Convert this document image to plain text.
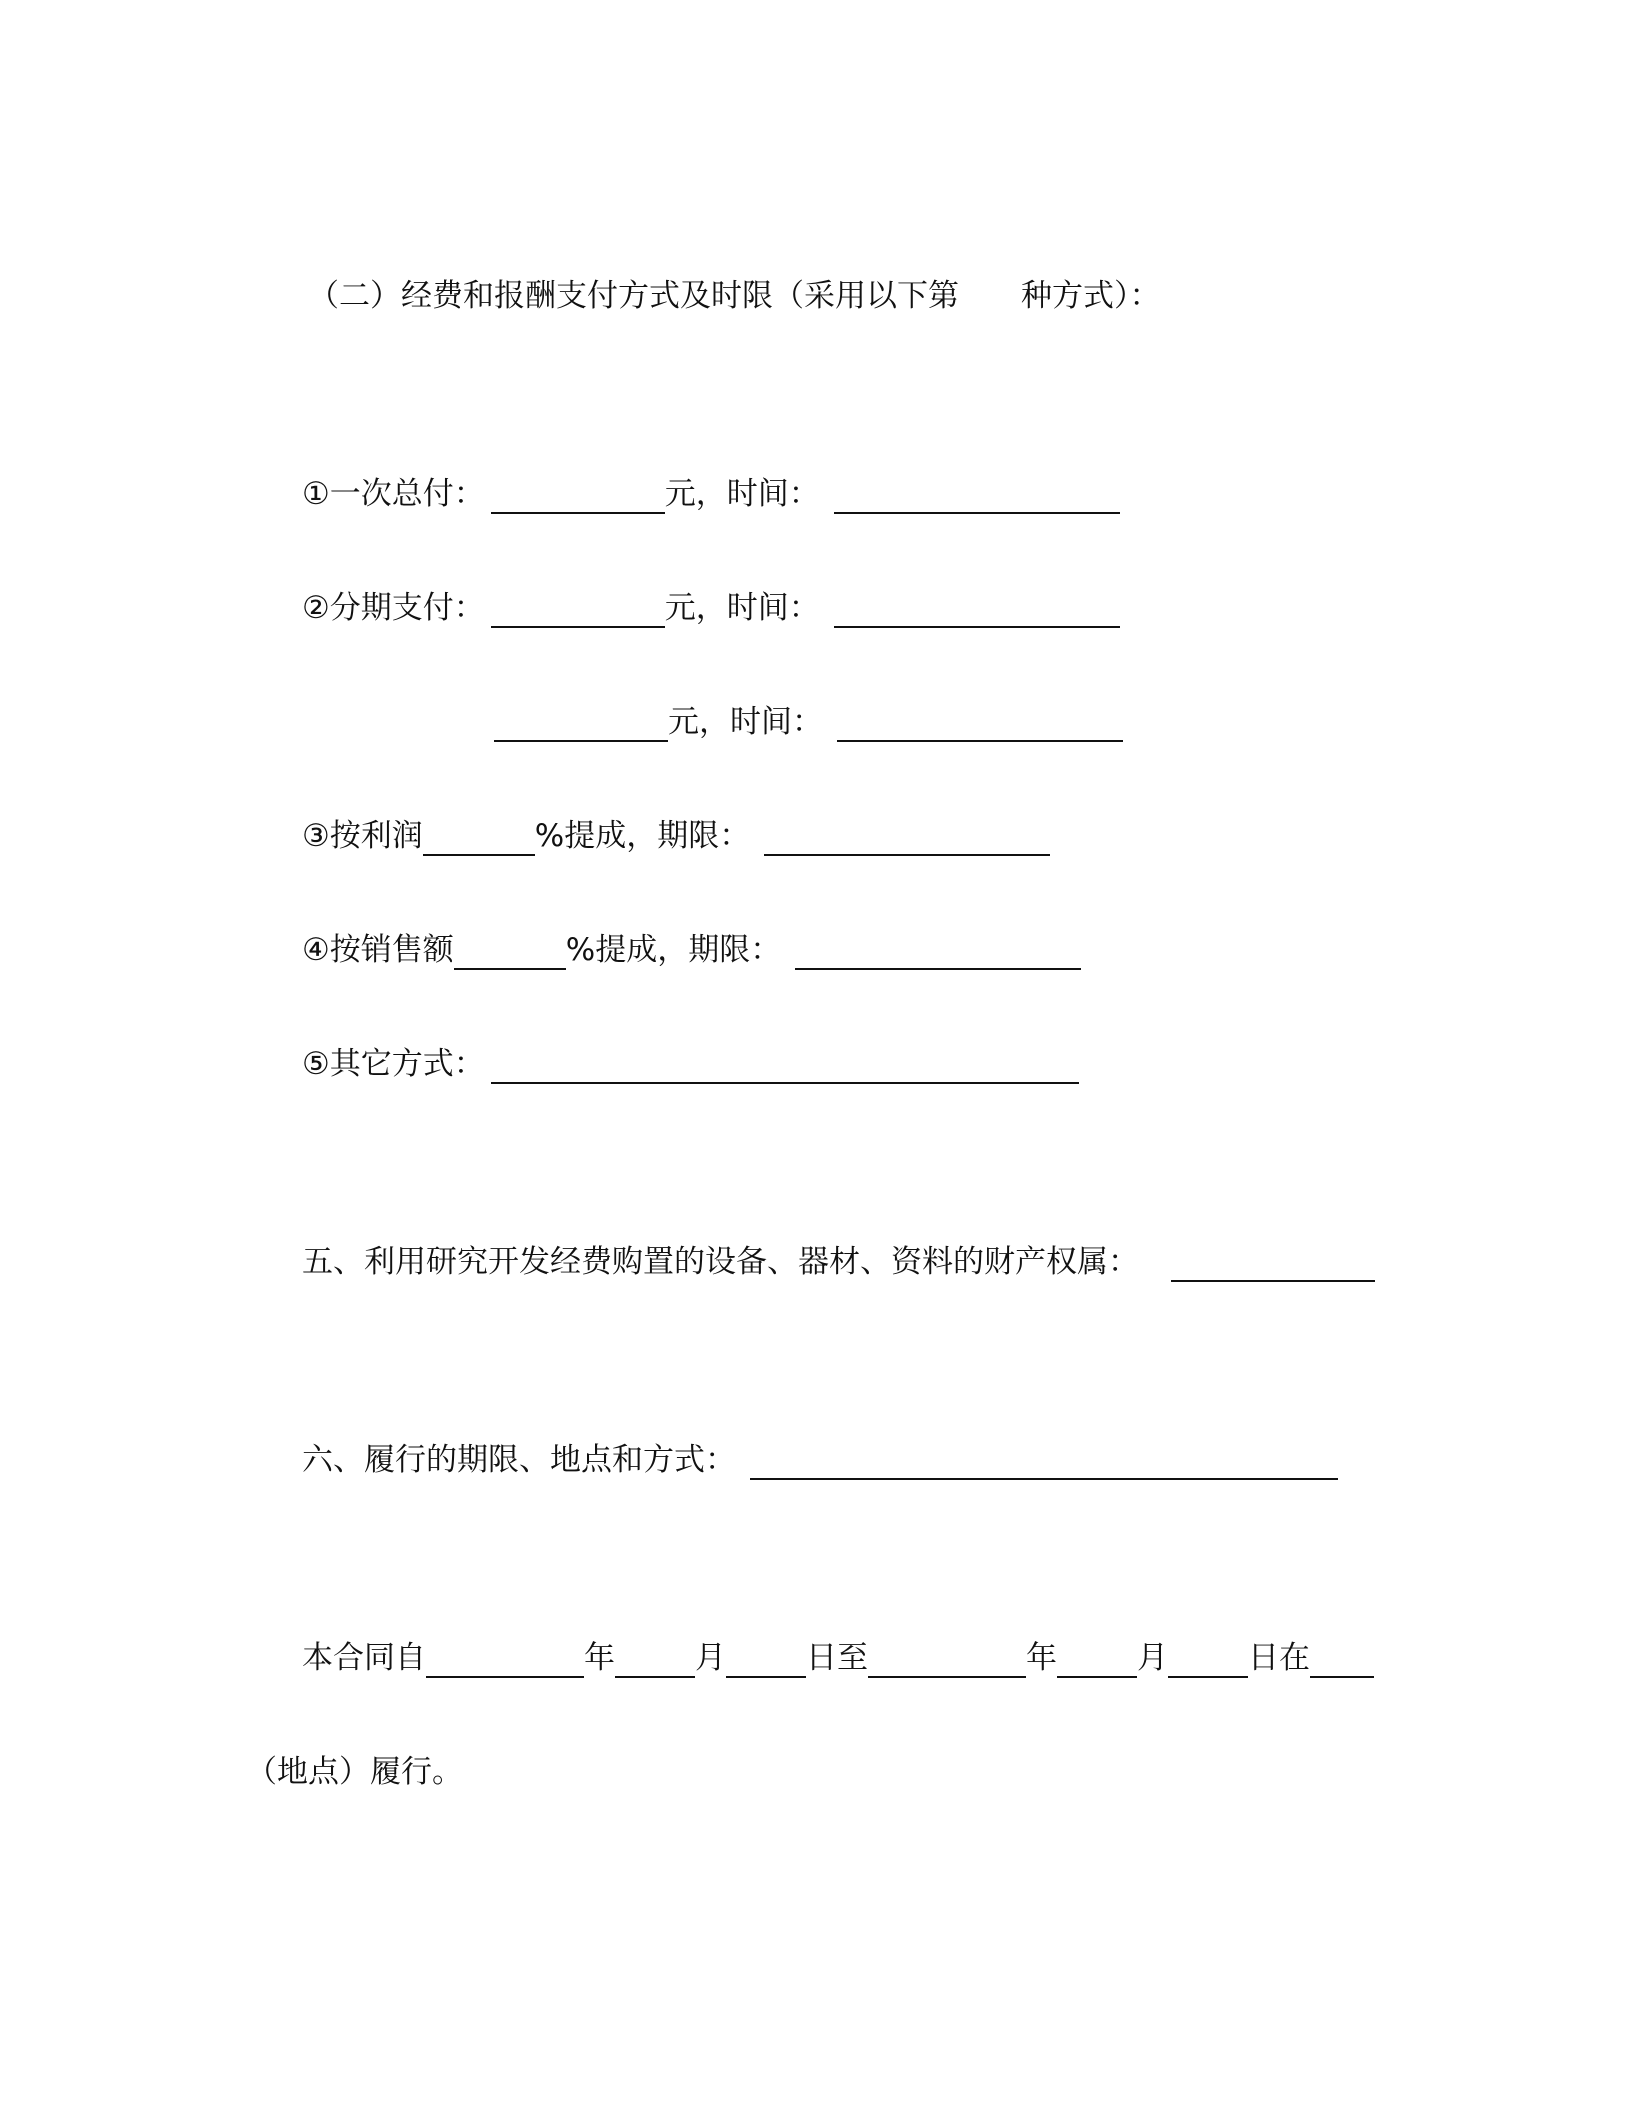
（二）经费和报酬支付方式及时限（采用以下第 种方式）：
①一次总付：	元，时间：
②分期支付：	元，时间：
元，时间：
③按利润	%提成，期限：
④按销售额	%提成，期限：
⑤其它方式：
五、利用研究开发经费购置的设备、器材、资料的财产权属：
六、履行的期限、地点和方式：
本合同自	年	月	日至	年	月	日在
（地点）履行。
